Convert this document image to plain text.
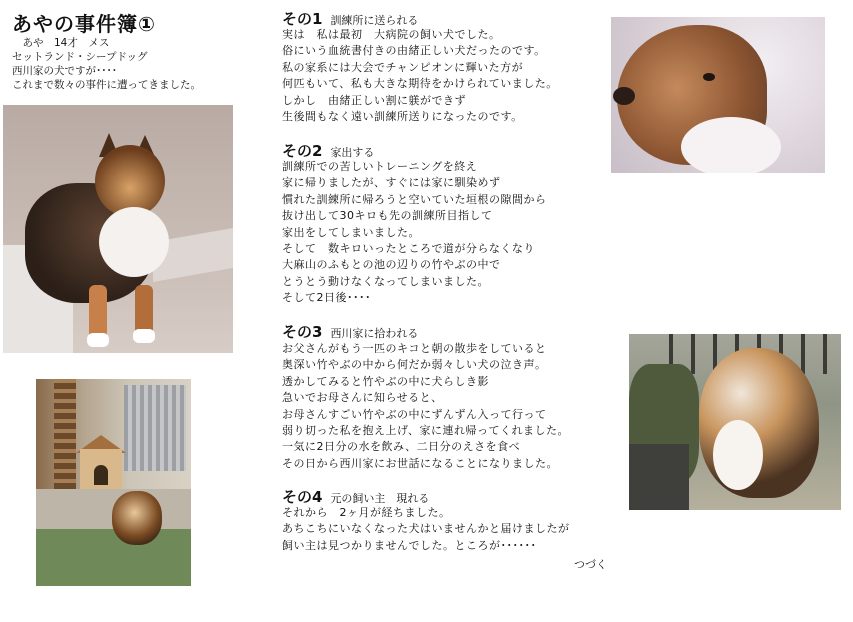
あやの事件簿①
　あや　14才　メス
セットランド・シープドッグ
西川家の犬ですが････
これまで数々の事件に遭ってきました。
その1 訓練所に送られる
実は　私は最初　大病院の飼い犬でした。
俗にいう血統書付きの由緒正しい犬だったのです。
私の家系には大会でチャンピオンに輝いた方が
何匹もいて、私も大きな期待をかけられていました。
しかし　由緒正しい割に躾ができず
生後間もなく遠い訓練所送りになったのです。
その2 家出する
訓練所での苦しいトレーニングを終え
家に帰りましたが、すぐには家に馴染めず
慣れた訓練所に帰ろうと空いていた垣根の隙間から
抜け出して30キロも先の訓練所目指して
家出をしてしまいました。
そして　数キロいったところで道が分らなくなり
大麻山のふもとの池の辺りの竹やぶの中で
とうとう動けなくなってしまいました。
そして2日後････
その3 西川家に拾われる
お父さんがもう一匹のキコと朝の散歩をしていると
奥深い竹やぶの中から何だか弱々しい犬の泣き声。
透かしてみると竹やぶの中に犬らしき影
急いでお母さんに知らせると、
お母さんすごい竹やぶの中にずんずん入って行って
弱り切った私を抱え上げ、家に連れ帰ってくれました。
一気に2日分の水を飲み、二日分のえさを食べ
その日から西川家にお世話になることになりました。
その4 元の飼い主　現れる
それから　2ヶ月が経ちました。
あちこちにいなくなった犬はいませんかと届けましたが
飼い主は見つかりませんでした。ところが･･････
つづく
